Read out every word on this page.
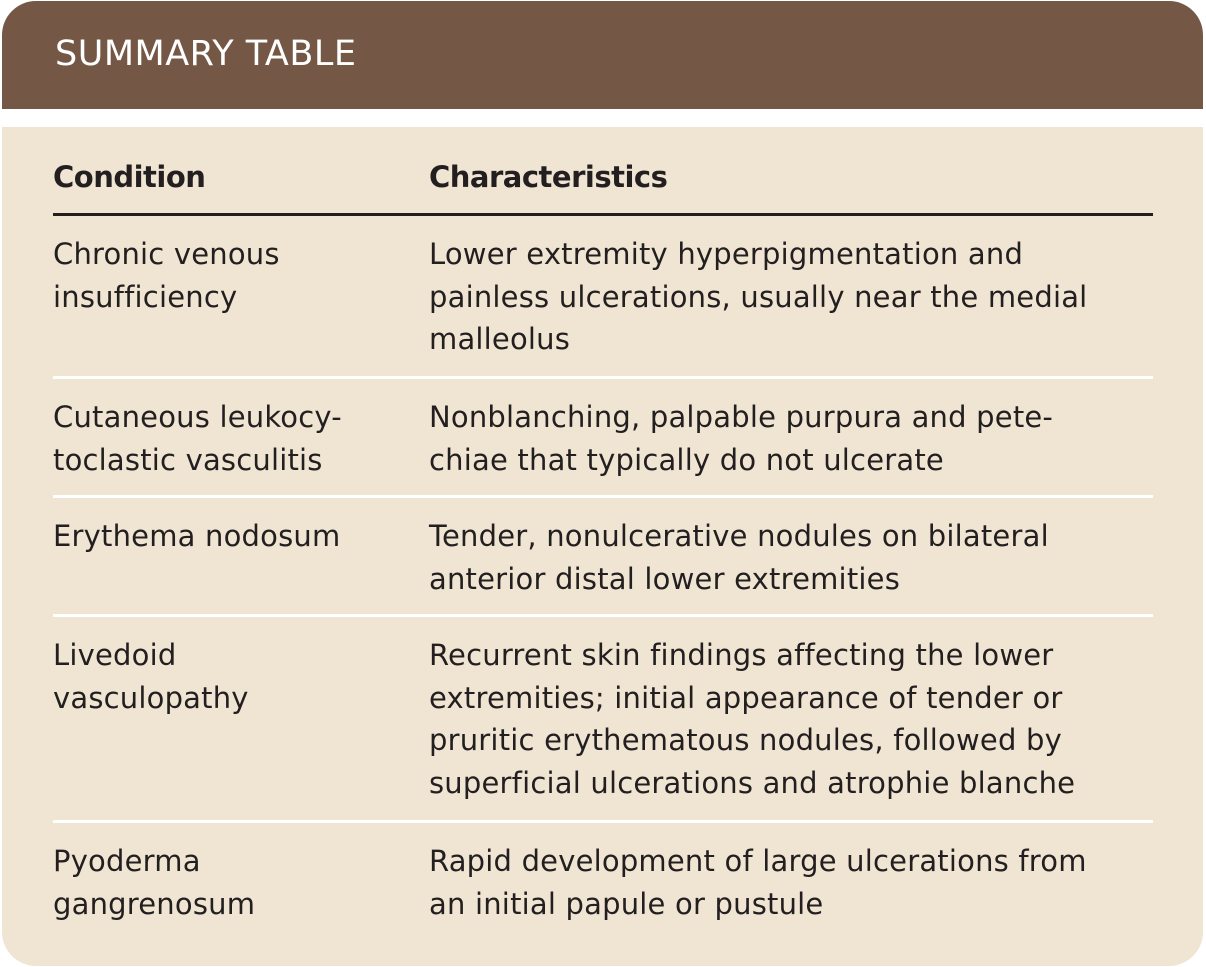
SUMMARY TABLE
Condition	Characteristics
Chronic venous
insufficiency
Lower extremity hyperpigmentation and
painless ulcerations, usually near the medial
malleolus
Cutaneous leukocy-
toclastic vasculitis
Nonblanching, palpable purpura and pete-
chiae that typically do not ulcerate
Erythema nodosum	Tender, nonulcerative nodules on bilateral
anterior distal lower extremities
Livedoid
vasculopathy
Recurrent skin findings affecting the lower
extremities; initial appearance of tender or
pruritic erythematous nodules, followed by
superficial ulcerations and atrophie blanche
Pyoderma
gangrenosum
Rapid development of large ulcerations from
an initial papule or pustule
